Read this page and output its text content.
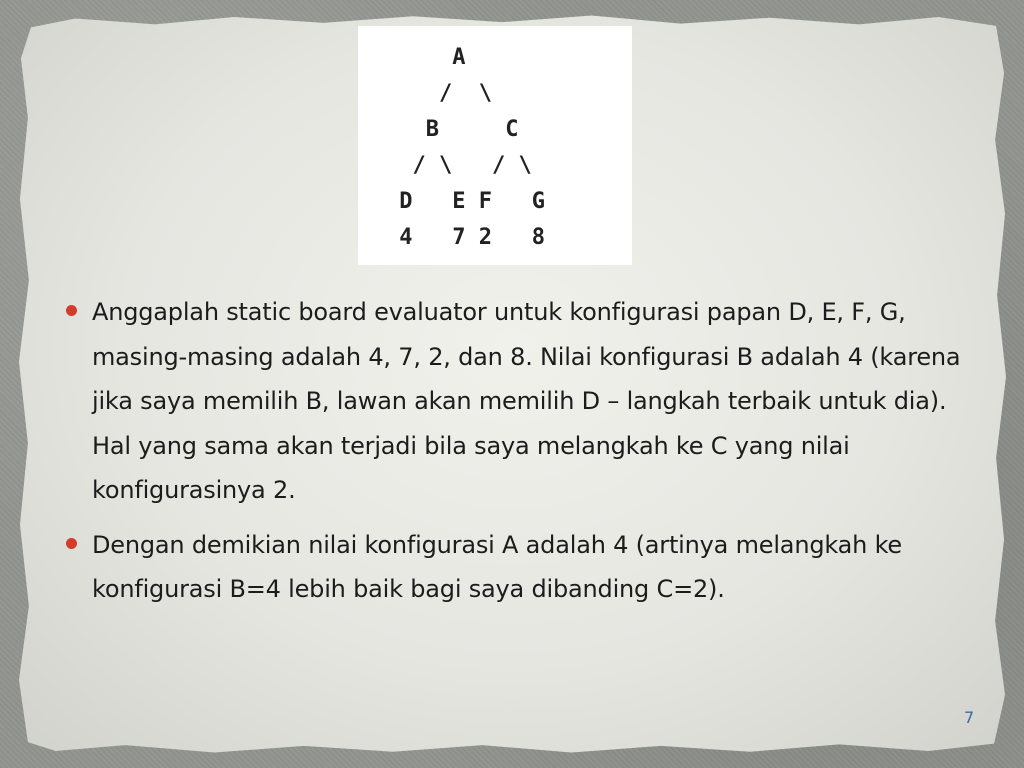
A
/  \
B     C
/ \   / \
D   E F   G
4   7 2   8
Anggaplah static board evaluator untuk konfigurasi papan D, E, F, G, masing-masing adalah 4, 7, 2, dan 8. Nilai konfigurasi B adalah 4 (karena jika saya memilih B, lawan akan memilih D – langkah terbaik untuk dia). Hal yang sama akan terjadi bila saya melangkah ke C yang nilai konfigurasinya 2.
Dengan demikian nilai konfigurasi A adalah 4 (artinya melangkah ke konfigurasi B=4 lebih baik bagi saya dibanding C=2).
7
